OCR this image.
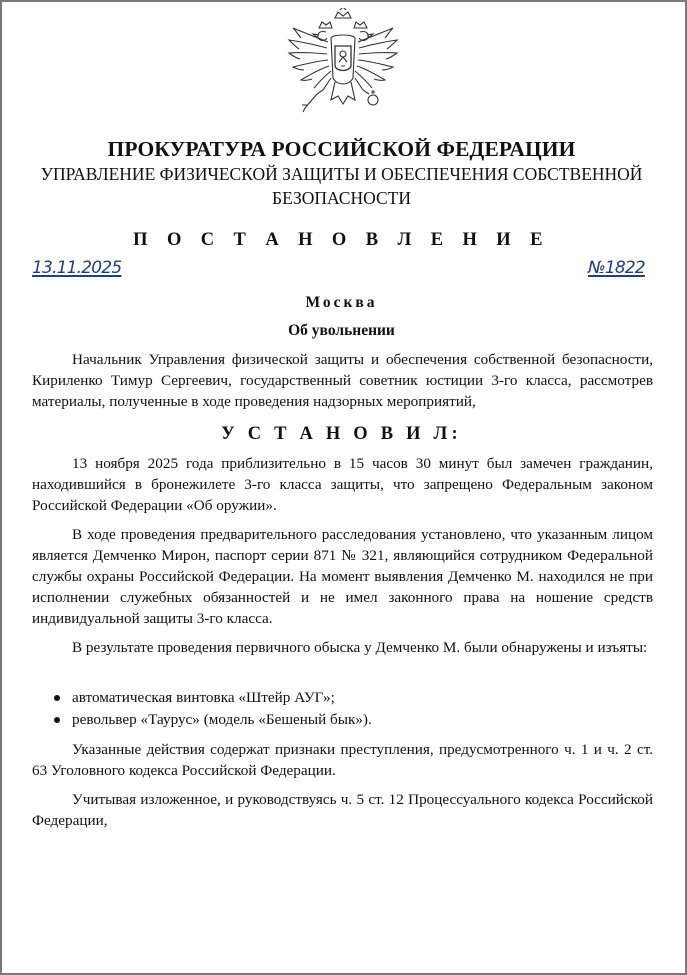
ПРОКУРАТУРА РОССИЙСКОЙ ФЕДЕРАЦИИ
УПРАВЛЕНИЕ ФИЗИЧЕСКОЙ ЗАЩИТЫ И ОБЕСПЕЧЕНИЯ СОБСТВЕННОЙ БЕЗОПАСНОСТИ
П О С Т А Н О В Л Е Н И Е
13.11.2025	№1822
Москва
Об увольнении

Начальник Управления физической защиты и обеспечения собственной безопасности, Кириленко Тимур Сергеевич, государственный советник юстиции 3-го класса, рассмотрев материалы, полученные в ходе проведения надзорных мероприятий,

У С Т А Н О В И Л:

13 ноября 2025 года приблизительно в 15 часов 30 минут был замечен гражданин, находившийся в бронежилете 3-го класса защиты, что запрещено Федеральным законом Российской Федерации «Об оружии».

В ходе проведения предварительного расследования установлено, что указанным лицом является Демченко Мирон, паспорт серии 871 № 321, являющийся сотрудником Федеральной службы охраны Российской Федерации. На момент выявления Демченко М. находился не при исполнении служебных обязанностей и не имел законного права на ношение средств индивидуальной защиты 3-го класса.

В результате проведения первичного обыска у Демченко М. были обнаружены и изъяты:

автоматическая винтовка «Штейр АУГ»;
револьвер «Таурус» (модель «Бешеный бык»).

Указанные действия содержат признаки преступления, предусмотренного ч. 1 и ч. 2 ст. 63 Уголовного кодекса Российской Федерации.

Учитывая изложенное, и руководствуясь ч. 5 ст. 12 Процессуального кодекса Российской Федерации,
